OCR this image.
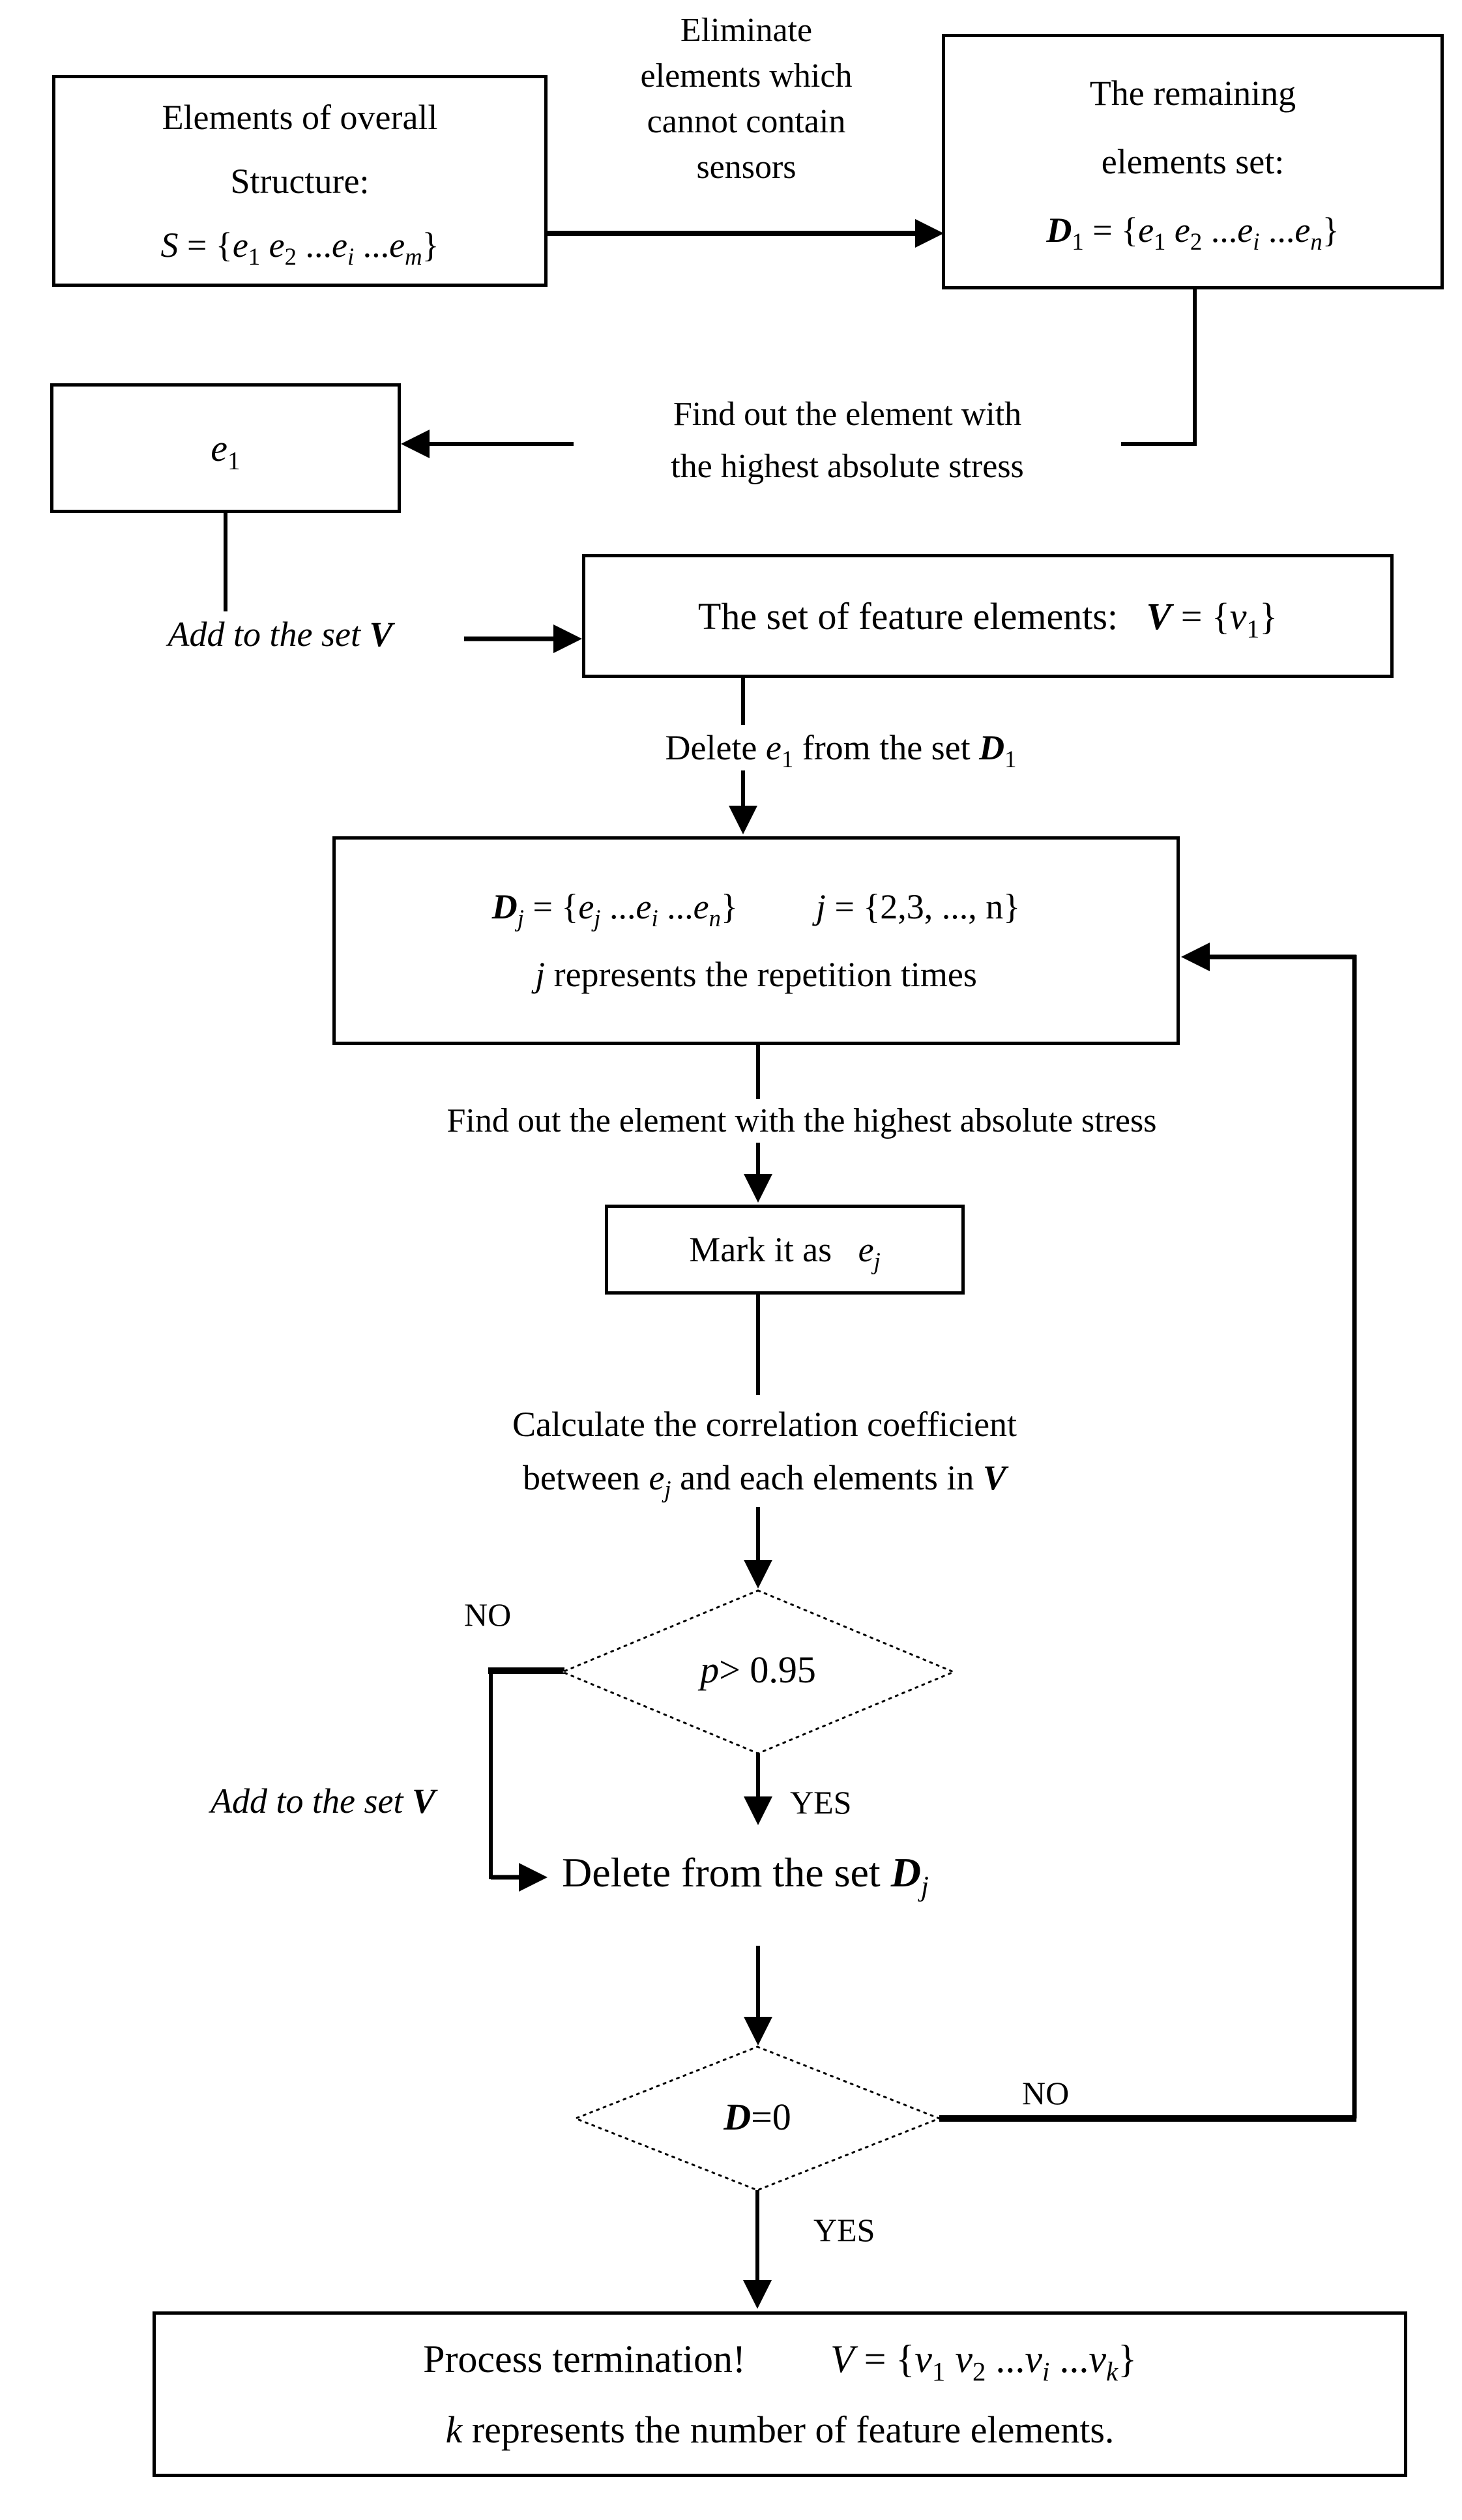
Elements of overall
Structure:
$S = \{e_1$ $e_2$ $...e_i$ $...e_m$}
Eliminate
elements which
cannot contain
sensors
The remaining
elements set:
$D_1 = \{e_1$ $e_2$ $...e_i$ $...e_n$}
$e_1$
Find out the element with
the highest absolute stress
Add to the set V	The set of feature elements:  $V = \{v_1\}$
Delete $e_1$ from the set $D_1$
$D_j = \{e_j$ $...e_i$ $...e_n$} j = {2,3, ..., n}
j represents the repetition times
Find out the element with the highest absolute stress
Mark it as  $e_j$
Calculate the correlation coefficient
between $e_j$ and each elements in V
p> 0.95
NO
YES
Add to the set V
Delete from the set $D_j$
D=0
NO
YES
Process termination! $V = \{v_1$ $v_2$ $...v_i$ $...v_k$}
k represents the number of feature elements.
